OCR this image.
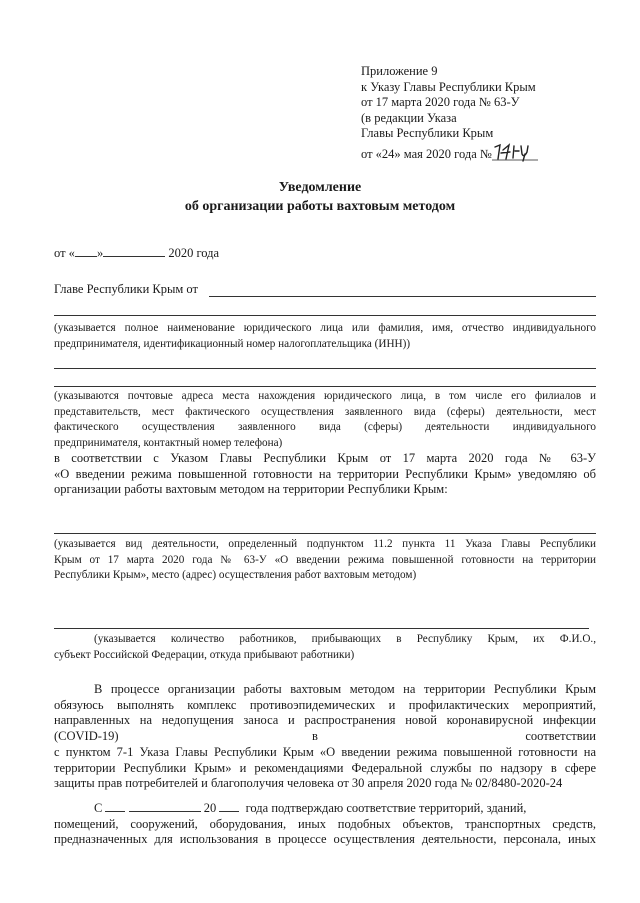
Приложение 9
к Указу Главы Республики Крым
от 17 марта 2020 года № 63-У
(в редакции Указа
Главы Республики Крым
от «24» мая 2020 года №
Уведомление
об организации работы вахтовым методом
от « »	2020 года
Главе Республики Крым от
(указывается полное наименование юридического лица или фамилия, имя, отчество индивидуального
предпринимателя, идентификационный номер налогоплательщика (ИНН))
(указываются почтовые адреса места нахождения юридического лица, в том числе его филиалов и
представительств, мест фактического осуществления заявленного вида (сферы) деятельности, мест
фактического осуществления заявленного вида (сферы) деятельности индивидуального
предпринимателя, контактный номер телефона)
в соответствии с Указом Главы Республики Крым от 17 марта 2020 года № 63-У
«О введении режима повышенной готовности на территории Республики Крым» уведомляю об
организации работы вахтовым методом на территории Республики Крым:
(указывается вид деятельности, определенный подпунктом 11.2 пункта 11 Указа Главы Республики
Крым от 17 марта 2020 года № 63-У «О введении режима повышенной готовности на территории
Республики Крым», место (адрес) осуществления работ вахтовым методом)
(указывается количество работников, прибывающих в Республику Крым, их Ф.И.О.,
субъект Российской Федерации, откуда прибывают работники)
В процессе организации работы вахтовым методом на территории Республики Крым
обязуюсь выполнять комплекс противоэпидемических и профилактических мероприятий,
направленных на недопущения заноса и распространения новой коронавирусной инфекции
(COVID-19)	в	соответствии
с пунктом 7-1 Указа Главы Республики Крым «О введении режима повышенной готовности на
территории Республики Крым» и рекомендациями Федеральной службы по надзору в сфере
защиты прав потребителей и благополучия человека от 30 апреля 2020 года № 02/8480-2020-24
С	20 года подтверждаю соответствие территорий, зданий,
помещений, сооружений, оборудования, иных подобных объектов, транспортных средств,
предназначенных для использования в процессе осуществления деятельности, персонала, иных
